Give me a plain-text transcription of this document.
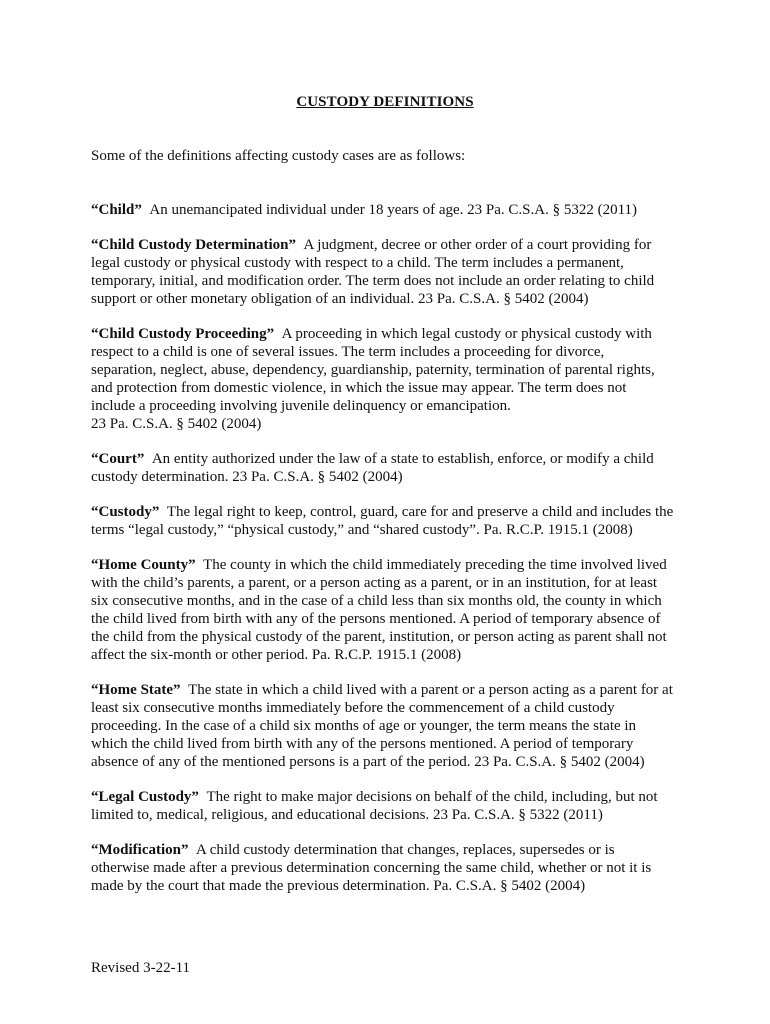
CUSTODY DEFINITIONS
Some of the definitions affecting custody cases are as follows:
“Child” An unemancipated individual under 18 years of age. 23 Pa. C.S.A. § 5322 (2011)
“Child Custody Determination” A judgment, decree or other order of a court providing for
legal custody or physical custody with respect to a child. The term includes a permanent,
temporary, initial, and modification order. The term does not include an order relating to child
support or other monetary obligation of an individual. 23 Pa. C.S.A. § 5402 (2004)
“Child Custody Proceeding” A proceeding in which legal custody or physical custody with
respect to a child is one of several issues. The term includes a proceeding for divorce,
separation, neglect, abuse, dependency, guardianship, paternity, termination of parental rights,
and protection from domestic violence, in which the issue may appear. The term does not
include a proceeding involving juvenile delinquency or emancipation.
23 Pa. C.S.A. § 5402 (2004)
“Court” An entity authorized under the law of a state to establish, enforce, or modify a child
custody determination. 23 Pa. C.S.A. § 5402 (2004)
“Custody” The legal right to keep, control, guard, care for and preserve a child and includes the
terms “legal custody,” “physical custody,” and “shared custody”. Pa. R.C.P. 1915.1 (2008)
“Home County” The county in which the child immediately preceding the time involved lived
with the child’s parents, a parent, or a person acting as a parent, or in an institution, for at least
six consecutive months, and in the case of a child less than six months old, the county in which
the child lived from birth with any of the persons mentioned. A period of temporary absence of
the child from the physical custody of the parent, institution, or person acting as parent shall not
affect the six-month or other period. Pa. R.C.P. 1915.1 (2008)
“Home State” The state in which a child lived with a parent or a person acting as a parent for at
least six consecutive months immediately before the commencement of a child custody
proceeding. In the case of a child six months of age or younger, the term means the state in
which the child lived from birth with any of the persons mentioned. A period of temporary
absence of any of the mentioned persons is a part of the period. 23 Pa. C.S.A. § 5402 (2004)
“Legal Custody” The right to make major decisions on behalf of the child, including, but not
limited to, medical, religious, and educational decisions. 23 Pa. C.S.A. § 5322 (2011)
“Modification” A child custody determination that changes, replaces, supersedes or is
otherwise made after a previous determination concerning the same child, whether or not it is
made by the court that made the previous determination. Pa. C.S.A. § 5402 (2004)
Revised 3-22-11
